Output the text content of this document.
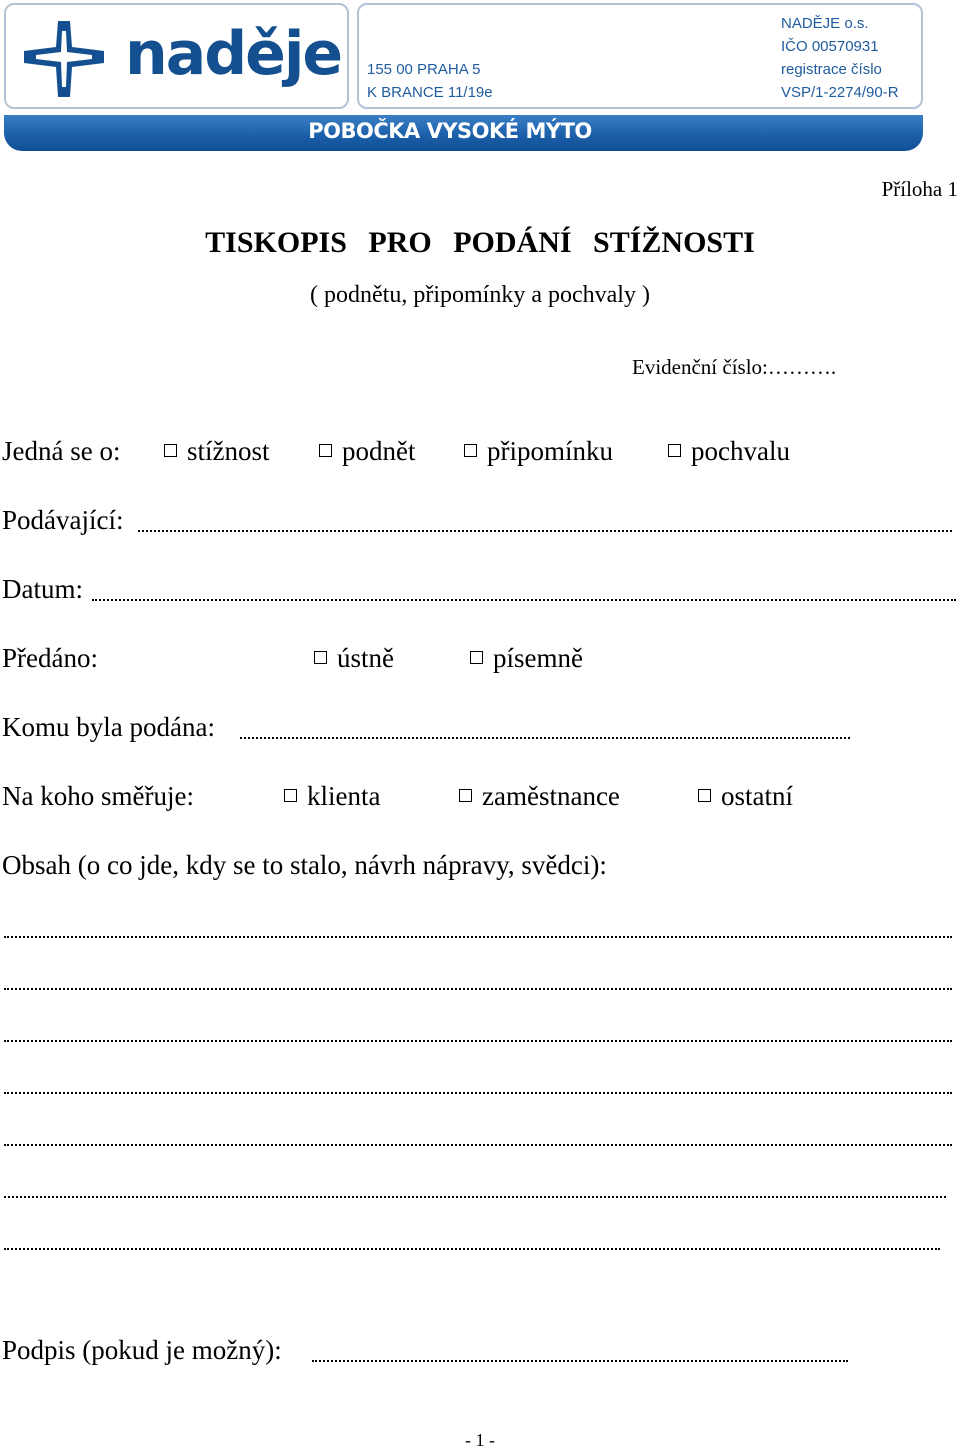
naděje 155 00 PRAHA 5
K BRANCE 11/19e
NADĚJE o.s.
IČO 00570931
registrace číslo
VSP/1-2274/90-R
POBOČKA VYSOKÉ MÝTO
Příloha 1
TISKOPIS PRO PODÁNÍ STÍŽNOSTI
( podnětu, připomínky a pochvaly )
Evidenční číslo:……….
Jedná se o:	stížnost	podnět	připomínku	pochvalu
Podávající:
Datum:
Předáno:	ústně	písemně
Komu byla podána:
Na koho směřuje:	klienta	zaměstnance	ostatní
Obsah (o co jde, kdy se to stalo, návrh nápravy, svědci):
Podpis (pokud je možný):
- 1 -
